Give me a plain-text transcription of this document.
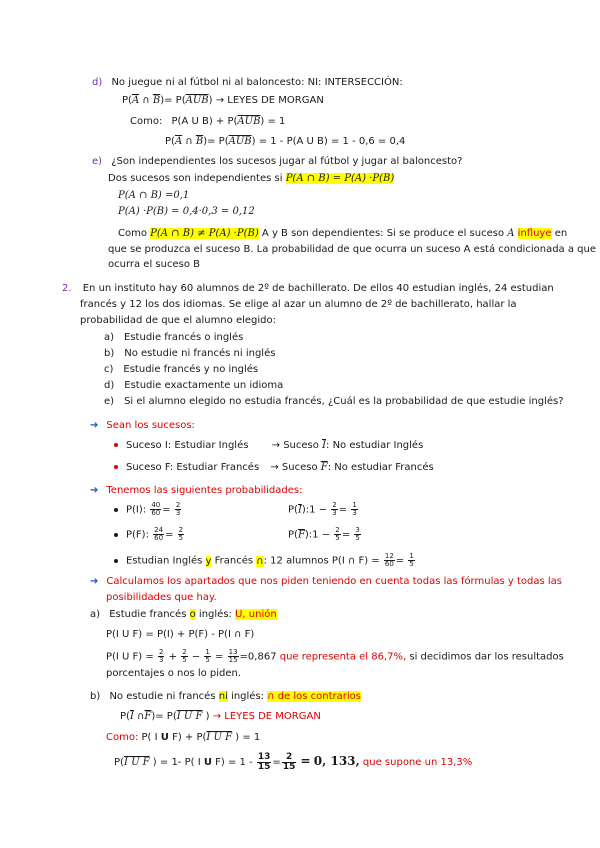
d) No juegue ni al fútbol ni al baloncesto: NI: INTERSECCIÓN:
$P(\overline{A}$ ∩ $\overline{B})= P(\overline{AUB})$ → LEYES DE MORGAN
Como: P(A U $B) + P(\overline{AUB}) = 1$
$P(\overline{A}$ ∩ $\overline{B})= P(\overline{AUB}) = 1 - P(A$ U B) = 1 - 0,6 = 0,4
e) ¿Son independientes los sucesos jugar al fútbol y jugar al baloncesto?
Dos sucesos son independientes si P(A ∩ B) = P(A) ·P(B)
P(A ∩ B) =0,1
P(A) ·P(B) = 0,4·0,3 = 0,12
Como P(A ∩ B) ≠ P(A) ·P(B) A y B son dependientes: Si se produce el suceso A influye en
que se produzca el suceso B. La probabilidad de que ocurra un suceso A está condicionada a que
ocurra el suceso B
2. En un instituto hay 60 alumnos de 2º de bachillerato. De ellos 40 estudian inglés, 24 estudian
francés y 12 los dos idiomas. Se elige al azar un alumno de 2º de bachillerato, hallar la
probabilidad de que el alumno elegido:
a) Estudie francés o inglés
b) No estudie ni francés ni inglés
c) Estudie francés y no inglés
d) Estudie exactamente un idioma
e) Si el alumno elegido no estudia francés, ¿Cuál es la probabilidad de que estudie inglés?
➔ Sean los sucesos:
Suceso I: Estudiar Inglés → Suceso $\overline{I}$: No estudiar Inglés
Suceso F: Estudiar Francés → Suceso $\overline{F}$: No estudiar Francés
➔ Tenemos las siguientes probabilidades:
P(I): $\frac{40}{60} = \frac{2}{3}$	$P(\overline{I}):1 - \frac{2}{3} = \frac{1}{3}$
P(F): $\frac{24}{60} = \frac{2}{5}$	$P(\overline{F}):1 - \frac{2}{5} = \frac{3}{5}$
Estudian Inglés y Francés ∩: 12 alumnos P(I ∩ $F) = \frac{12}{60} = \frac{1}{5}$
➔ Calculamos los apartados que nos piden teniendo en cuenta todas las fórmulas y todas las
posibilidades que hay.
a) Estudie francés o inglés: U, unión
P(I U F) = P(I) + P(F) - P(I ∩ F)
P(I U $F) = \frac{2}{3} + \frac{2}{5} - \frac{1}{5} = \frac{13}{15} =0,867$ que representa el 86,7%, si decidimos dar los resultados
porcentajes o nos lo piden.
b) No estudie ni francés ni inglés: ∩ de los contrarios
$P(\overline{I}$ $\cap\overline{F})= P(I$ U F ) → LEYES DE MORGAN
Como: P( I U F) + P(I U F ) = 1
P(I U F ) = 1- P( I U $F) = 1 - \frac{13}{15} = \frac{2}{15} = 0$, 133, que supone un 13,3%
